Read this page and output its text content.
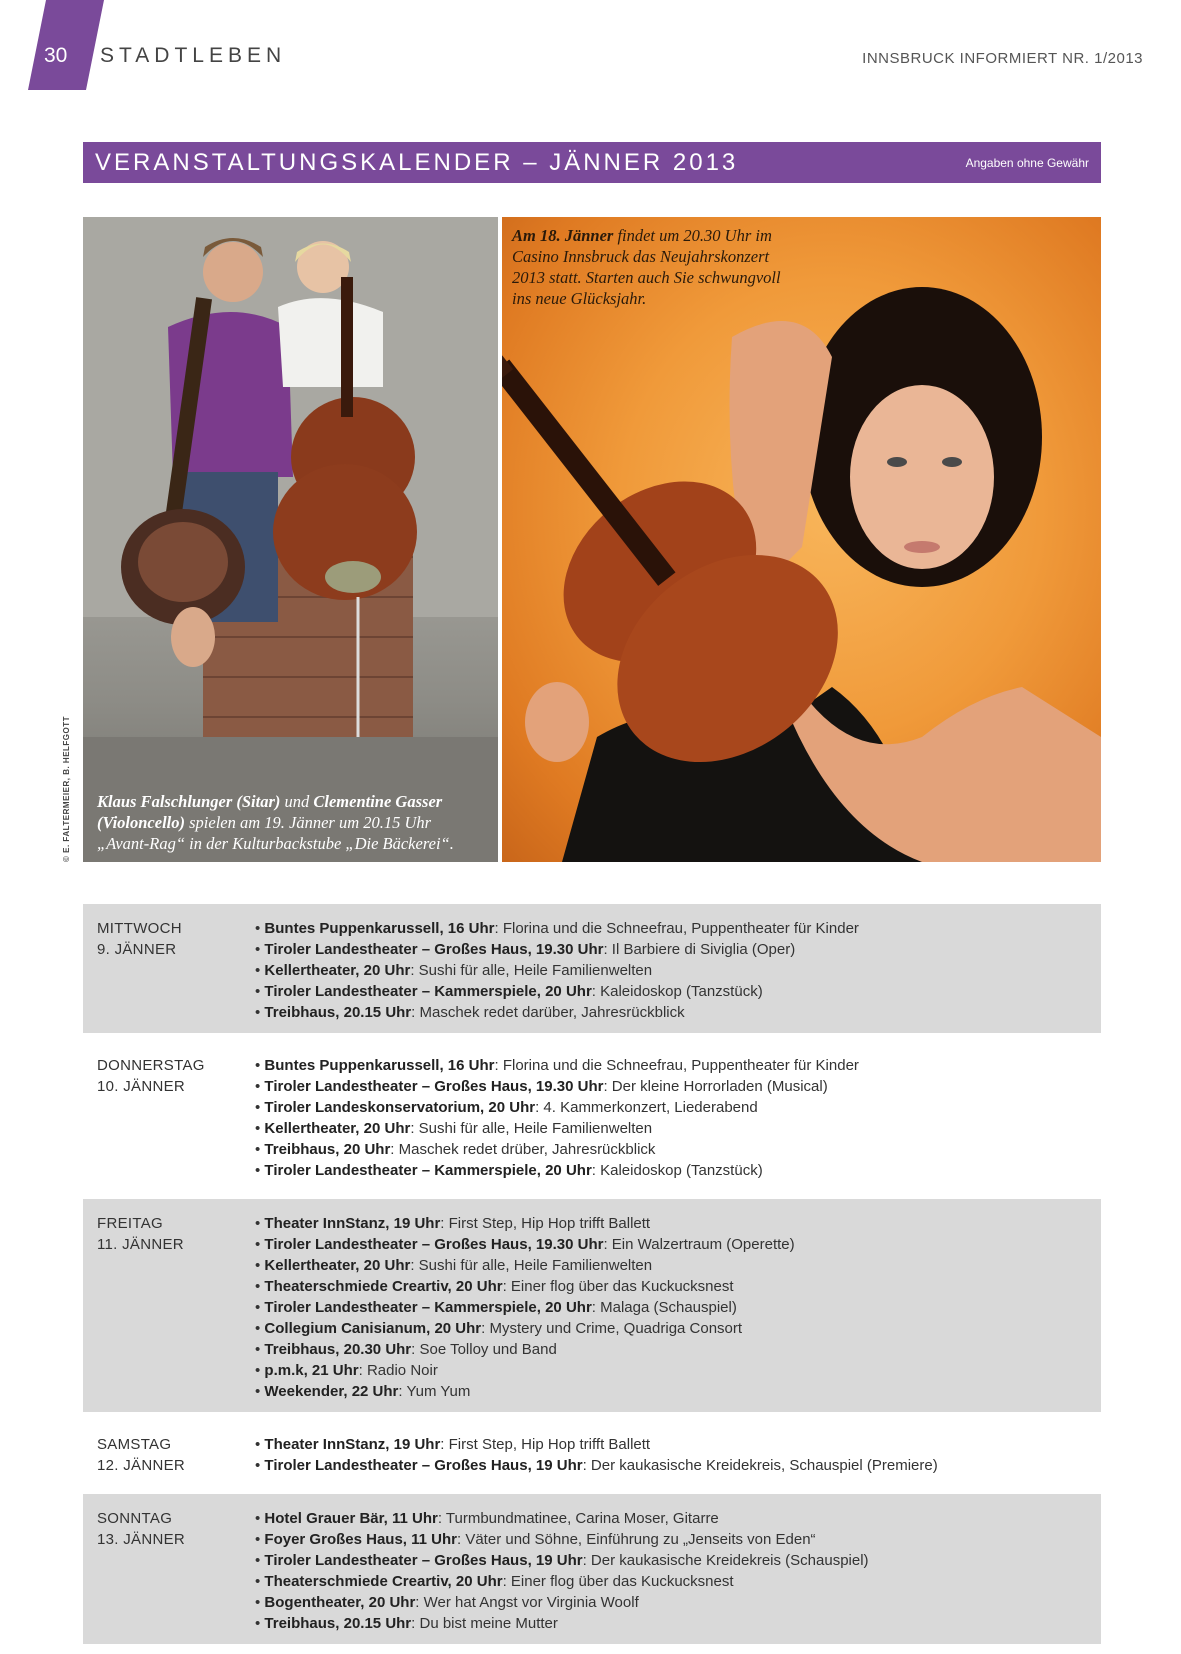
30 STADTLEBEN	INNSBRUCK INFORMIERT NR. 1/2013
VERANSTALTUNGSKALENDER – JÄNNER 2013	Angaben ohne Gewähr
© E. FALTERMEIER, B. HELFGOTT Klaus Falschlunger (Sitar) und Clementine Gasser (Violoncello) spielen am 19. Jänner um 20.15 Uhr „Avant-Rag“ in der Kulturbackstube „Die Bäckerei“.
Am 18. Jänner findet um 20.30 Uhr im Casino Innsbruck das Neujahrskonzert 2013 statt. Starten auch Sie schwungvoll ins neue Glücksjahr.
MITTWOCH
9. JÄNNER
• Buntes Puppenkarussell, 16 Uhr: Florina und die Schneefrau, Puppentheater für Kinder
• Tiroler Landestheater – Großes Haus, 19.30 Uhr: Il Barbiere di Siviglia (Oper)
• Kellertheater, 20 Uhr: Sushi für alle, Heile Familienwelten
• Tiroler Landestheater – Kammerspiele, 20 Uhr: Kaleidoskop (Tanzstück)
• Treibhaus, 20.15 Uhr: Maschek redet darüber, Jahresrückblick
DONNERSTAG
10. JÄNNER
• Buntes Puppenkarussell, 16 Uhr: Florina und die Schneefrau, Puppentheater für Kinder
• Tiroler Landestheater – Großes Haus, 19.30 Uhr: Der kleine Horrorladen (Musical)
• Tiroler Landeskonservatorium, 20 Uhr: 4. Kammerkonzert, Liederabend
• Kellertheater, 20 Uhr: Sushi für alle, Heile Familienwelten
• Treibhaus, 20 Uhr: Maschek redet drüber, Jahresrückblick
• Tiroler Landestheater – Kammerspiele, 20 Uhr: Kaleidoskop (Tanzstück)
FREITAG
11. JÄNNER
• Theater InnStanz, 19 Uhr: First Step, Hip Hop trifft Ballett
• Tiroler Landestheater – Großes Haus, 19.30 Uhr: Ein Walzertraum (Operette)
• Kellertheater, 20 Uhr: Sushi für alle, Heile Familienwelten
• Theaterschmiede Creartiv, 20 Uhr: Einer flog über das Kuckucksnest
• Tiroler Landestheater – Kammerspiele, 20 Uhr: Malaga (Schauspiel)
• Collegium Canisianum, 20 Uhr: Mystery und Crime, Quadriga Consort
• Treibhaus, 20.30 Uhr: Soe Tolloy und Band
• p.m.k, 21 Uhr: Radio Noir
• Weekender, 22 Uhr: Yum Yum
SAMSTAG
12. JÄNNER
• Theater InnStanz, 19 Uhr: First Step, Hip Hop trifft Ballett
• Tiroler Landestheater – Großes Haus, 19 Uhr: Der kaukasische Kreidekreis, Schauspiel (Premiere)
SONNTAG
13. JÄNNER
• Hotel Grauer Bär, 11 Uhr: Turmbundmatinee, Carina Moser, Gitarre
• Foyer Großes Haus, 11 Uhr: Väter und Söhne, Einführung zu „Jenseits von Eden“
• Tiroler Landestheater – Großes Haus, 19 Uhr: Der kaukasische Kreidekreis (Schauspiel)
• Theaterschmiede Creartiv, 20 Uhr: Einer flog über das Kuckucksnest
• Bogentheater, 20 Uhr: Wer hat Angst vor Virginia Woolf
• Treibhaus, 20.15 Uhr: Du bist meine Mutter
